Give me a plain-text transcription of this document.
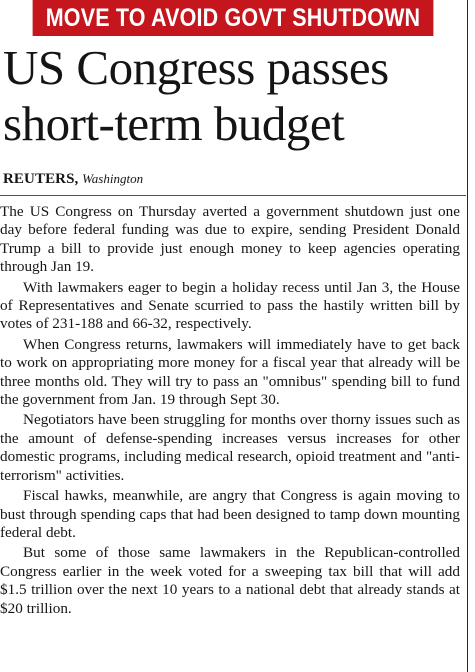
MOVE TO AVOID GOVT SHUTDOWN
US Congress passes
short-term budget
REUTERS, Washington

The US Congress on Thursday averted a government shutdown just one day before federal funding was due to expire, sending President Donald Trump a bill to provide just enough money to keep agencies operating through Jan 19.

With lawmakers eager to begin a holiday recess until Jan 3, the House of Representatives and Senate scurried to pass the hastily written bill by votes of 231-188 and 66-32, respectively.

When Congress returns, lawmakers will immediately have to get back to work on appropriating more money for a fiscal year that already will be three months old. They will try to pass an "omnibus" spending bill to fund the government from Jan. 19 through Sept 30.

Negotiators have been struggling for months over thorny issues such as the amount of defense-spending increases versus increases for other domestic programs, including medical research, opioid treatment and "anti-terrorism" activities.

Fiscal hawks, meanwhile, are angry that Congress is again moving to bust through spending caps that had been designed to tamp down mounting federal debt.

But some of those same lawmakers in the Republican-controlled Congress earlier in the week voted for a sweeping tax bill that will add $1.5 trillion over the next 10 years to a national debt that already stands at $20 trillion.
